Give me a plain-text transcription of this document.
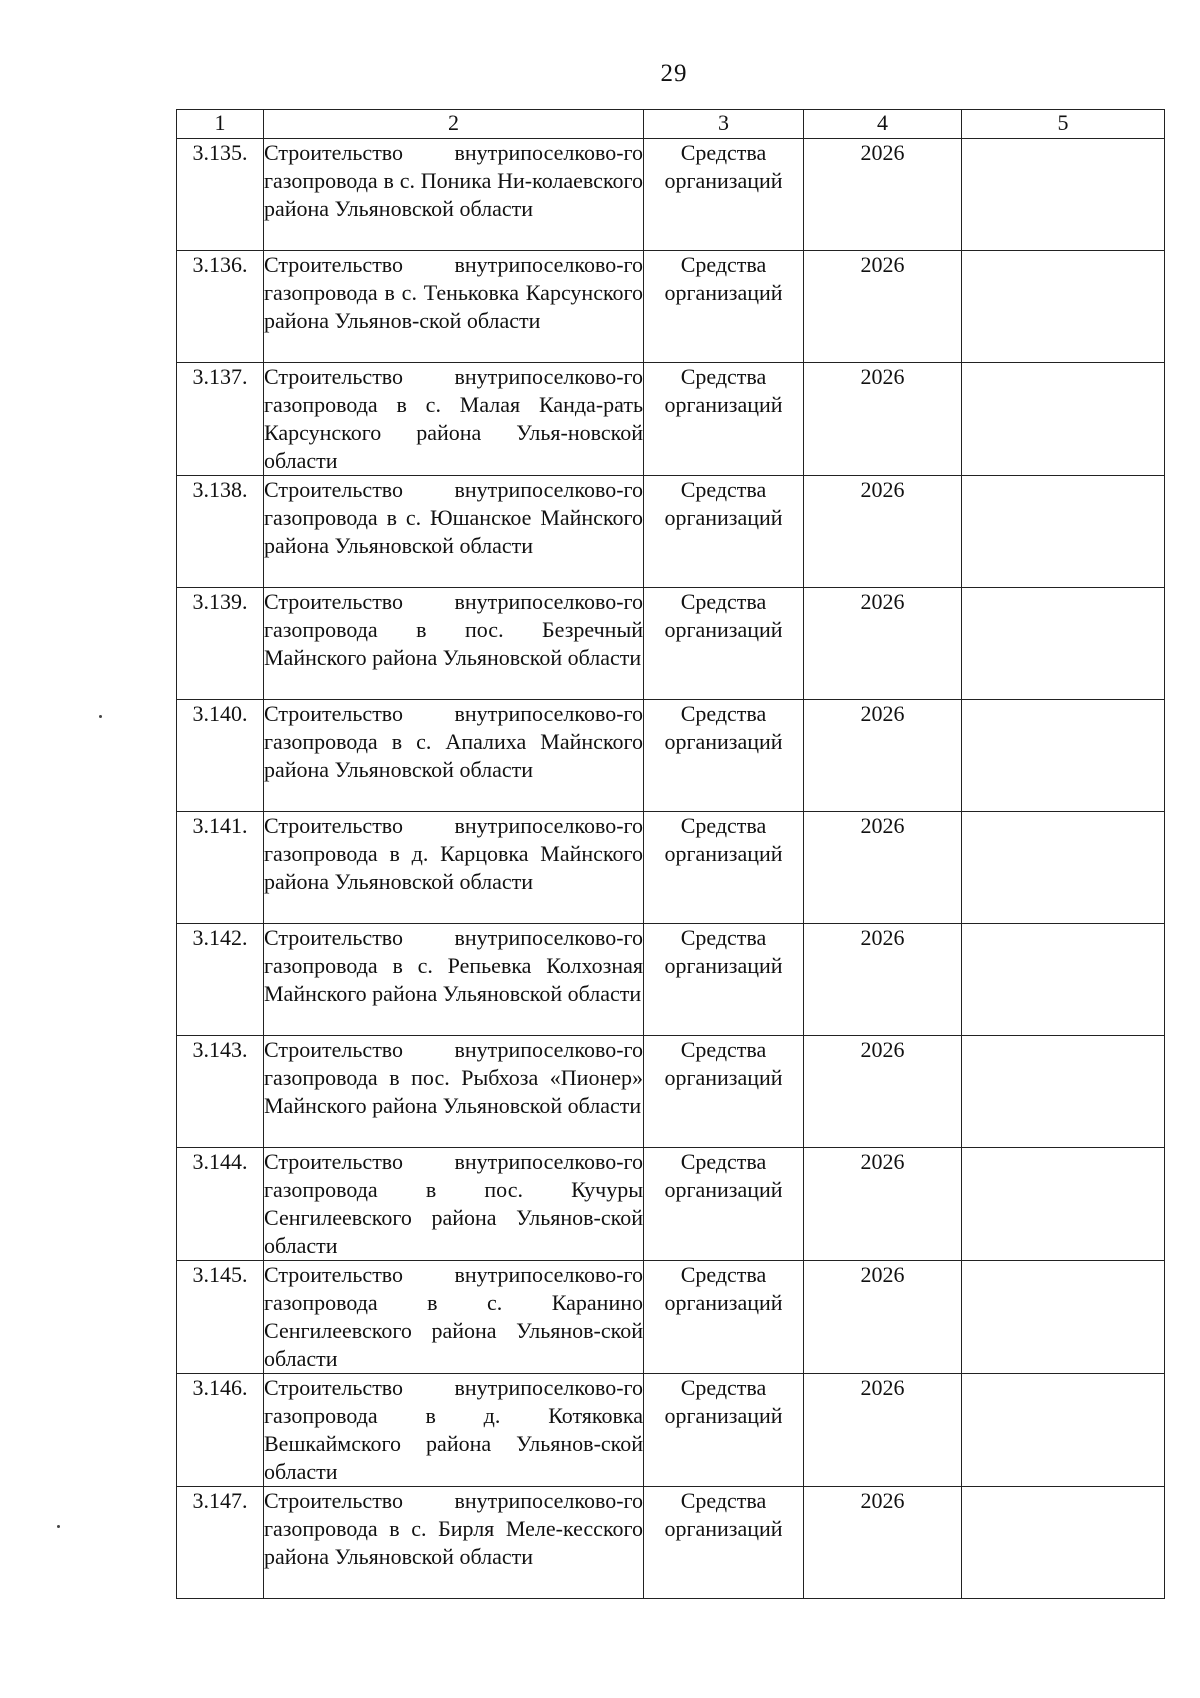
29
1	2	3	4	5
3.135.	Строительство внутрипоселково-го газопровода в с. Поника Ни-колаевского района Ульяновской области	Средства организаций	2026	
3.136.	Строительство внутрипоселково-го газопровода в с. Теньковка Карсунского района Ульянов-ской области	Средства организаций	2026	
3.137.	Строительство внутрипоселково-го газопровода в с. Малая Канда-рать Карсунского района Улья-новской области	Средства организаций	2026	
3.138.	Строительство внутрипоселково-го газопровода в с. Юшанское Майнского района Ульяновской области	Средства организаций	2026	
3.139.	Строительство внутрипоселково-го газопровода в пос. Безречный Майнского района Ульяновской области	Средства организаций	2026	
3.140.	Строительство внутрипоселково-го газопровода в с. Апалиха Майнского района Ульяновской области	Средства организаций	2026	
3.141.	Строительство внутрипоселково-го газопровода в д. Карцовка Майнского района Ульяновской области	Средства организаций	2026	
3.142.	Строительство внутрипоселково-го газопровода в с. Репьевка Колхозная Майнского района Ульяновской области	Средства организаций	2026	
3.143.	Строительство внутрипоселково-го газопровода в пос. Рыбхоза «Пионер» Майнского района Ульяновской области	Средства организаций	2026	
3.144.	Строительство внутрипоселково-го газопровода в пос. Кучуры Сенгилеевского района Ульянов-ской области	Средства организаций	2026	
3.145.	Строительство внутрипоселково-го газопровода в с. Каранино Сенгилеевского района Ульянов-ской области	Средства организаций	2026	
3.146.	Строительство внутрипоселково-го газопровода в д. Котяковка Вешкаймского района Ульянов-ской области	Средства организаций	2026	
3.147.	Строительство внутрипоселково-го газопровода в с. Бирля Меле-кесского района Ульяновской области	Средства организаций	2026	
